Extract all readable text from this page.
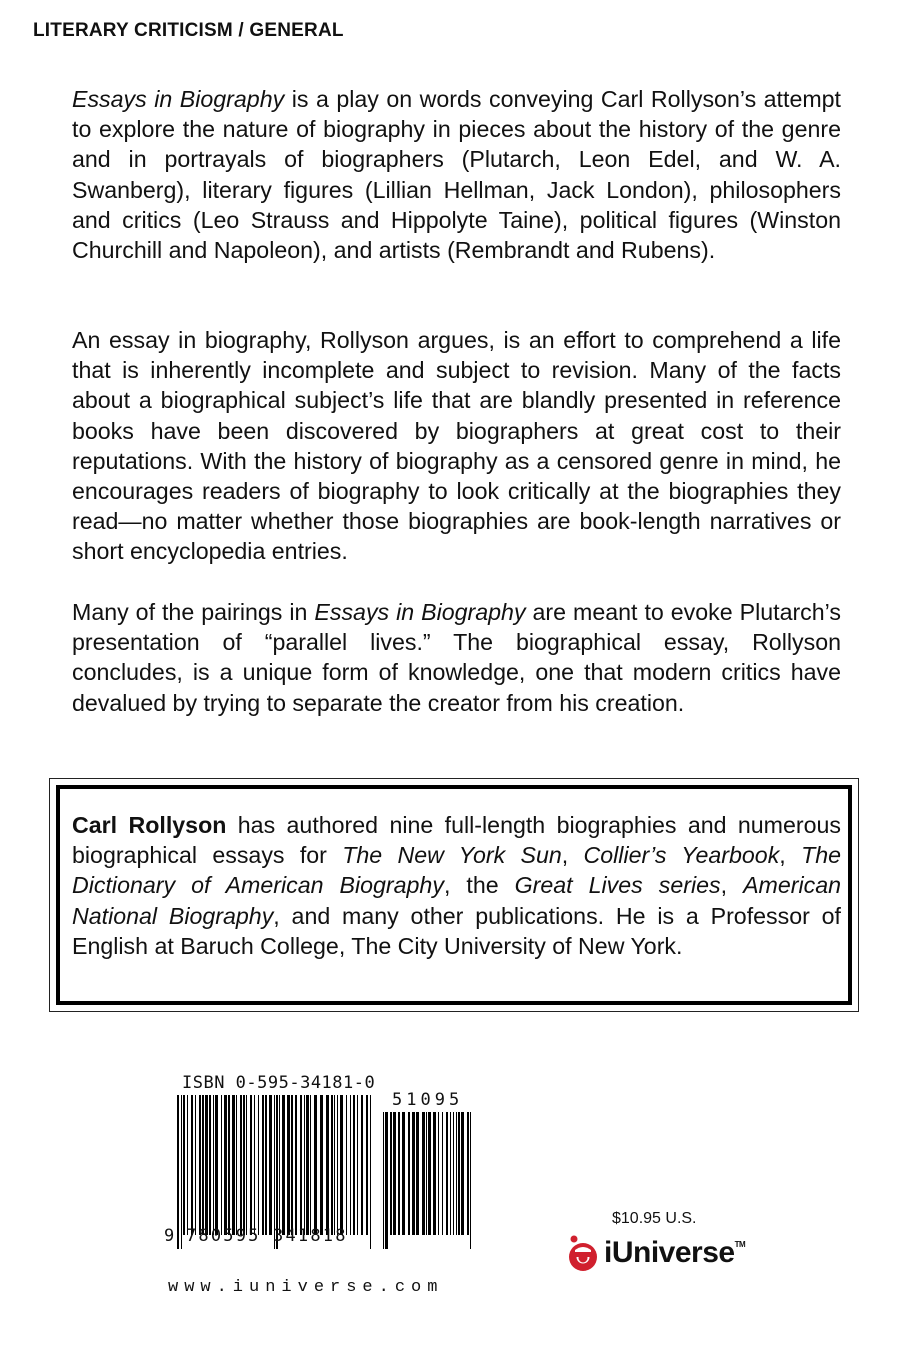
LITERARY CRITICISM / GENERAL
Essays in Biography is a play on words conveying Carl Rollyson’s attempt to explore the nature of biography in pieces about the history of the genre and in portrayals of biographers (Plutarch, Leon Edel, and W. A. Swanberg), literary figures (Lillian Hellman, Jack London), philosophers and critics (Leo Strauss and Hippolyte Taine), political figures (Winston Churchill and Napoleon), and artists (Rembrandt and Rubens).
An essay in biography, Rollyson argues, is an effort to comprehend a life that is inherently incomplete and subject to revision. Many of the facts about a biographical subject’s life that are blandly presented in reference books have been discovered by biographers at great cost to their reputations. With the history of biography as a censored genre in mind, he encourages readers of biography to look critically at the biographies they read—no matter whether those biographies are book-length narratives or short encyclopedia entries.
Many of the pairings in Essays in Biography are meant to evoke Plutarch’s presentation of “parallel lives.” The biographical essay, Rollyson concludes, is a unique form of knowledge, one that modern critics have devalued by trying to separate the creator from his creation.
Carl Rollyson has authored nine full-length biographies and numerous biographical essays for The New York Sun, Collier’s Yearbook, The Dictionary of American Biography, the Great Lives series, American National Biography, and many other publications. He is a Professor of English at Baruch College, The City University of New York.
ISBN 0-595-34181-0
51095
9 780595 341818
www.iuniverse.com
$10.95 U.S.
iUniverse™
